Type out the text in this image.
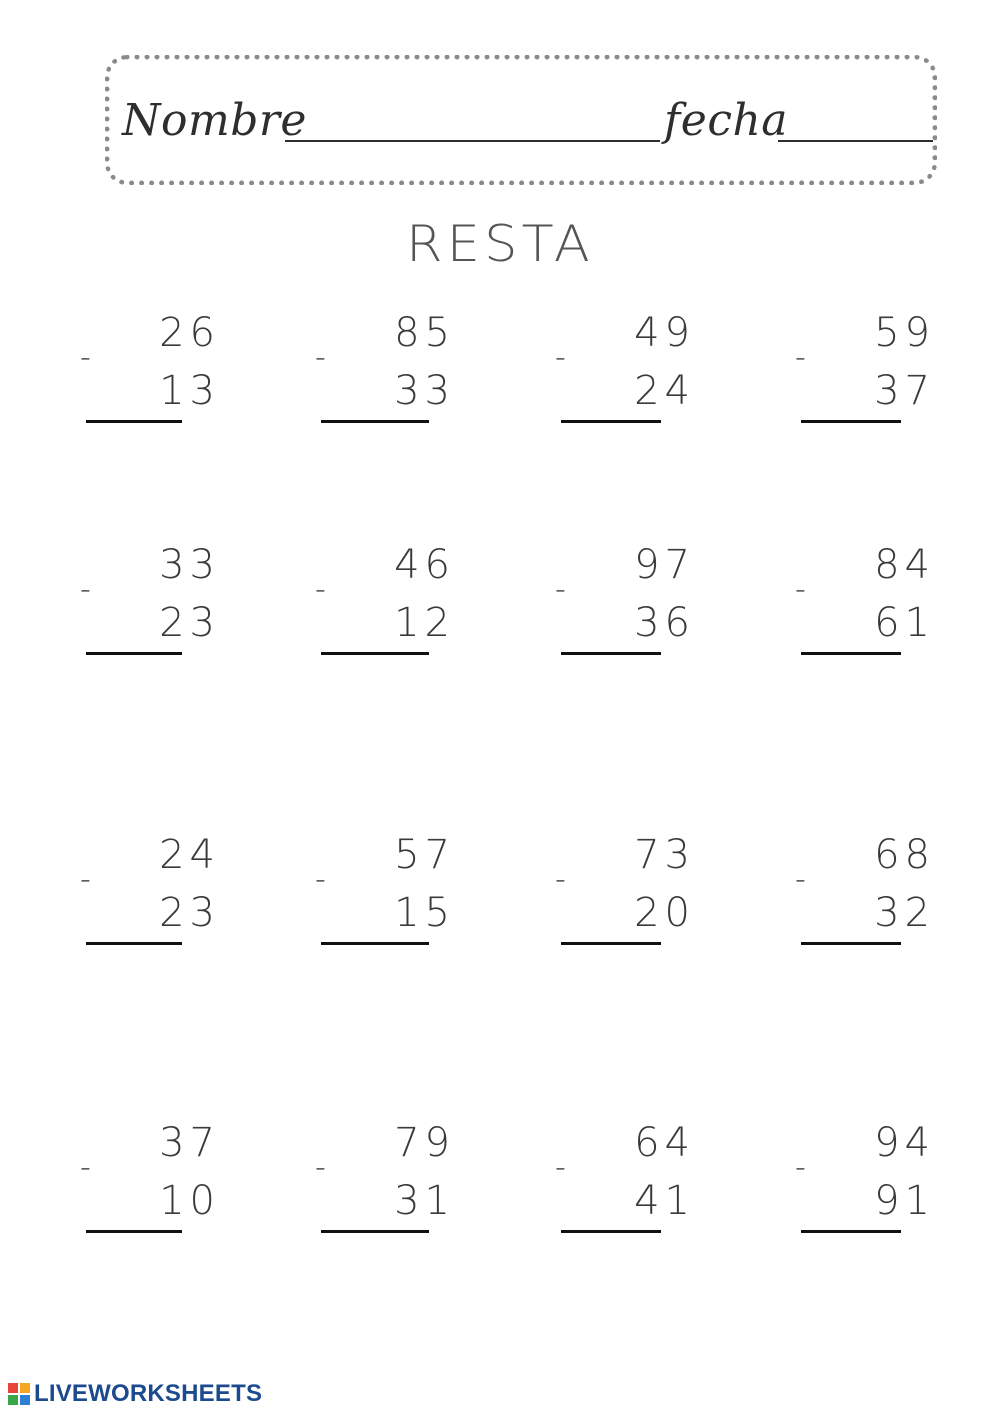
Nombre	fecha
RESTA
26
-
13
85
-
33
49
-
24
59
-
37
33
-
23
46
-
12
97
-
36
84
-
61
24
-
23
57
-
15
73
-
20
68
-
32
37
-
10
79
-
31
64
-
41
94
-
91
LIVEWORKSHEETS
